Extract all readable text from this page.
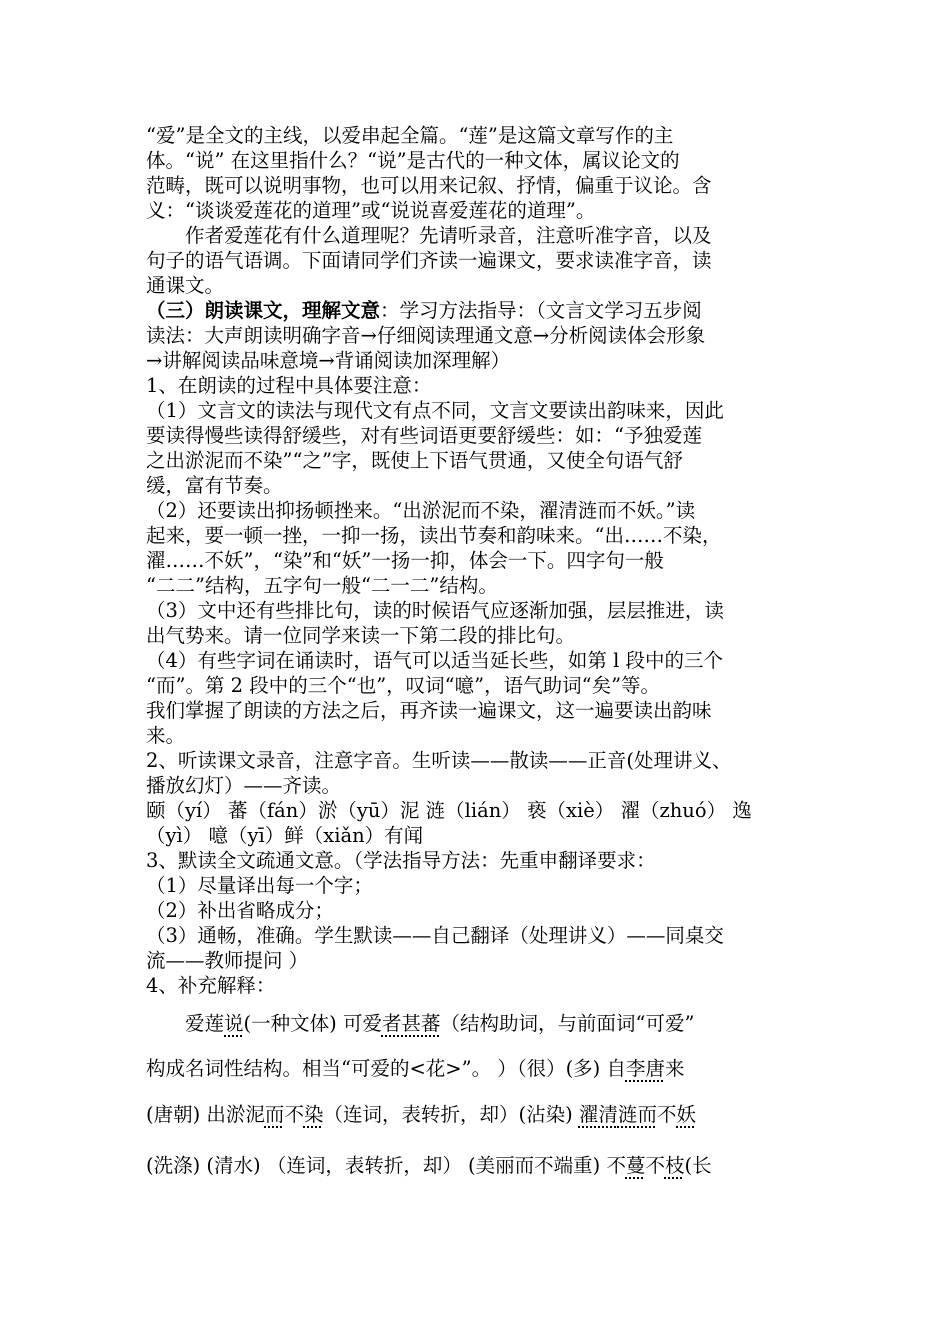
“爱”是全文的主线，以爱串起全篇。“莲”是这篇文章写作的主
体。“说” 在这里指什么？“说”是古代的一种文体，属议论文的
范畴，既可以说明事物，也可以用来记叙、抒情，偏重于议论。含
义：“谈谈爱莲花的道理”或“说说喜爱莲花的道理”。
　　作者爱莲花有什么道理呢？先请听录音，注意听准字音，以及
句子的语气语调。下面请同学们齐读一遍课文，要求读准字音，读
通课文。
（三）朗读课文，理解文意：学习方法指导：（文言文学习五步阅
读法：大声朗读明确字音→仔细阅读理通文意→分析阅读体会形象
→讲解阅读品味意境→背诵阅读加深理解）
1、在朗读的过程中具体要注意：
（1）文言文的读法与现代文有点不同，文言文要读出韵味来，因此
要读得慢些读得舒缓些，对有些词语更要舒缓些：如：“予独爱莲
之出淤泥而不染”“之”字，既使上下语气贯通，又使全句语气舒
缓，富有节奏。
（2）还要读出抑扬顿挫来。“出淤泥而不染，濯清涟而不妖。”读
起来，要一顿一挫，一抑一扬，读出节奏和韵味来。“出……不染，
濯……不妖”，“染”和“妖”一扬一抑，体会一下。四字句一般
“二二”结构，五字句一般“二一二”结构。
（3）文中还有些排比句，读的时候语气应逐渐加强，层层推进，读
出气势来。请一位同学来读一下第二段的排比句。
（4）有些字词在诵读时，语气可以适当延长些，如第 l 段中的三个
“而”。第 2 段中的三个“也”，叹词“噫”，语气助词“矣”等。
我们掌握了朗读的方法之后，再齐读一遍课文，这一遍要读出韵味
来。
2、听读课文录音，注意字音。生听读——散读——正音(处理讲义、
播放幻灯）——齐读。
颐（yí） 蕃（fán）淤（yū）泥 涟（lián） 亵（xiè） 濯（zhuó） 逸
（yì） 噫（yī）鲜（xiǎn）有闻
3、默读全文疏通文意。（学法指导方法：先重申翻译要求：
（1）尽量译出每一个字；
（2）补出省略成分；
（3）通畅，准确。学生默读——自己翻译（处理讲义）——同桌交
流——教师提问 ）
4、补充解释：
　　爱莲说(一种文体) 可爱者甚蕃（结构助词，与前面词“可爱”
构成名词性结构。相当“可爱的<花>”。 ）（很）(多) 自李唐来
(唐朝) 出淤泥而不染（连词，表转折，却）(沾染) 濯清涟而不妖
(洗涤) (清水) （连词，表转折，却） (美丽而不端重) 不蔓不枝(长
